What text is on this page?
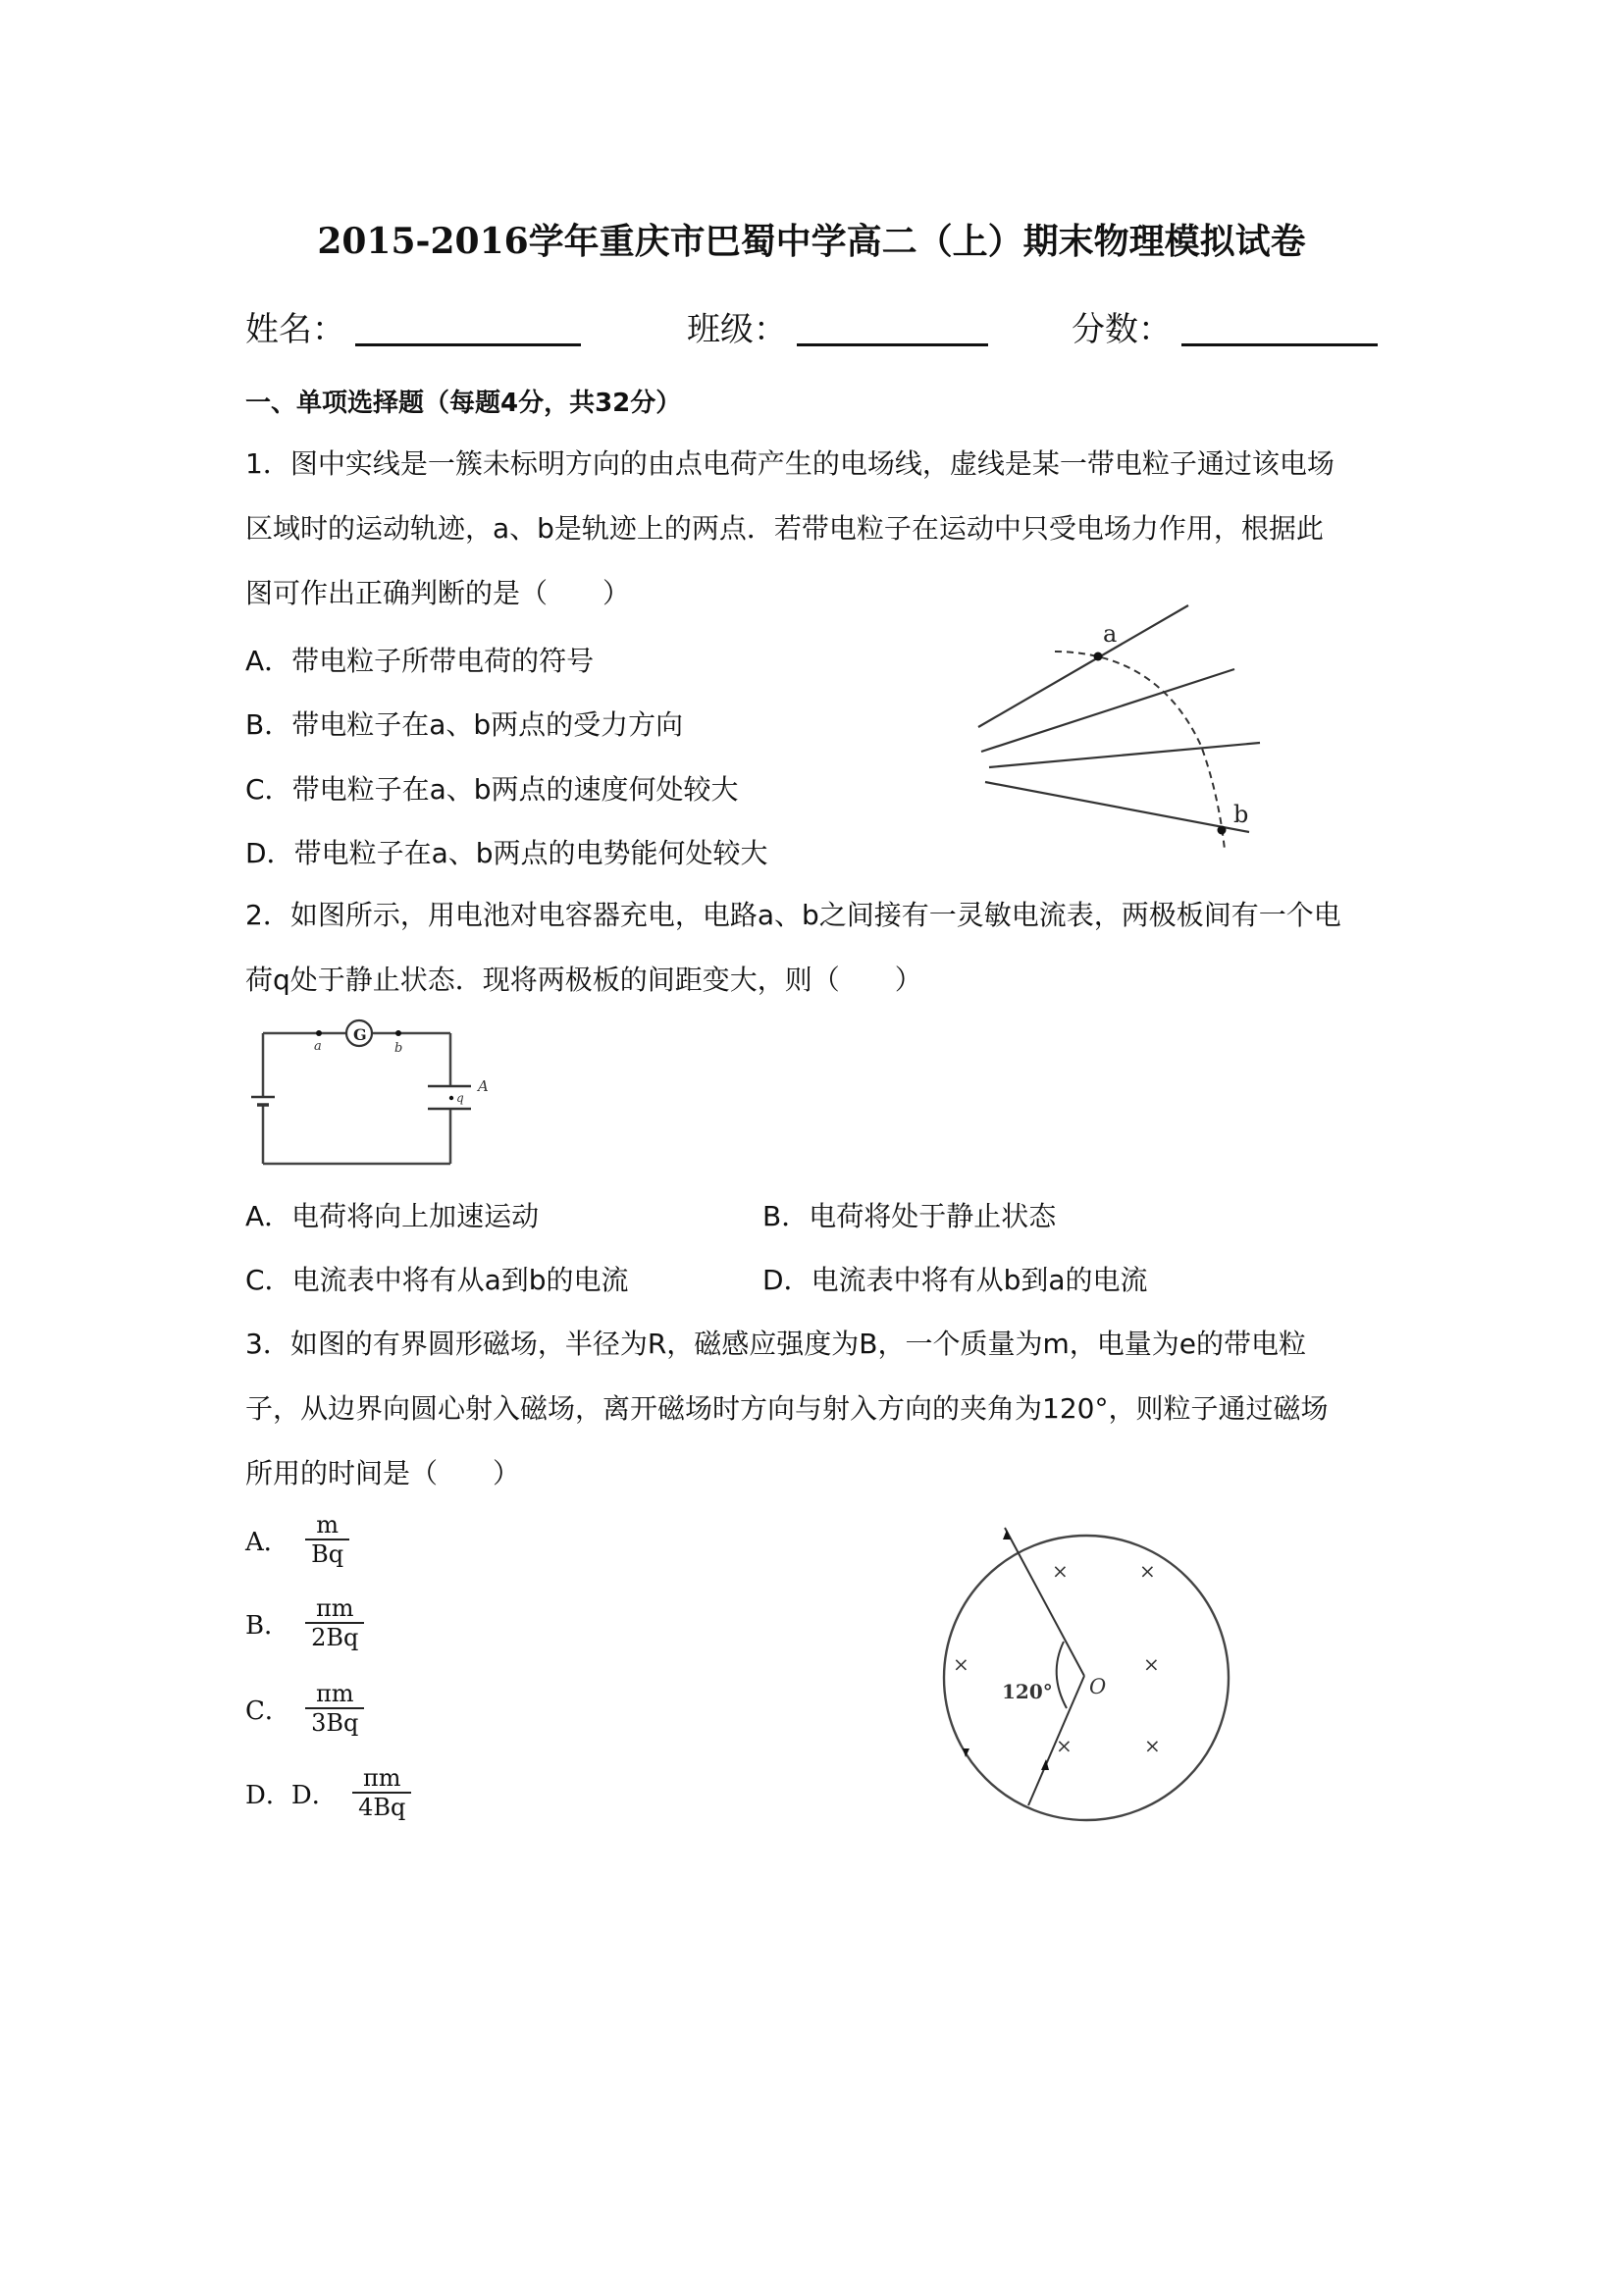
2015-2016学年重庆市巴蜀中学高二（上）期末物理模拟试卷
姓名：	班级：	分数：
一、单项选择题（每题4分，共32分）
1．图中实线是一簇未标明方向的由点电荷产生的电场线，虚线是某一带电粒子通过该电场
区域时的运动轨迹，a、b是轨迹上的两点．若带电粒子在运动中只受电场力作用，根据此
图可作出正确判断的是（　　）
A．带电粒子所带电荷的符号
B．带电粒子在a、b两点的受力方向
C．带电粒子在a、b两点的速度何处较大
D．带电粒子在a、b两点的电势能何处较大
a
b
2．如图所示，用电池对电容器充电，电路a、b之间接有一灵敏电流表，两极板间有一个电
荷q处于静止状态．现将两极板的间距变大，则（　　）
G
a	b
A
q
A．电荷将向上加速运动	B．电荷将处于静止状态
C．电流表中将有从a到b的电流	D．电流表中将有从b到a的电流
3．如图的有界圆形磁场，半径为R，磁感应强度为B，一个质量为m，电量为e的带电粒
子，从边界向圆心射入磁场，离开磁场时方向与射入方向的夹角为120°，则粒子通过磁场
所用的时间是（　　）
A． $\frac{m}{Bq}$
B． $\frac{\pi m}{2Bq}$
C． $\frac{\pi m}{3Bq}$
D．D． $\frac{\pi m}{4Bq}$
120° O
×	×
×	×
×	×
